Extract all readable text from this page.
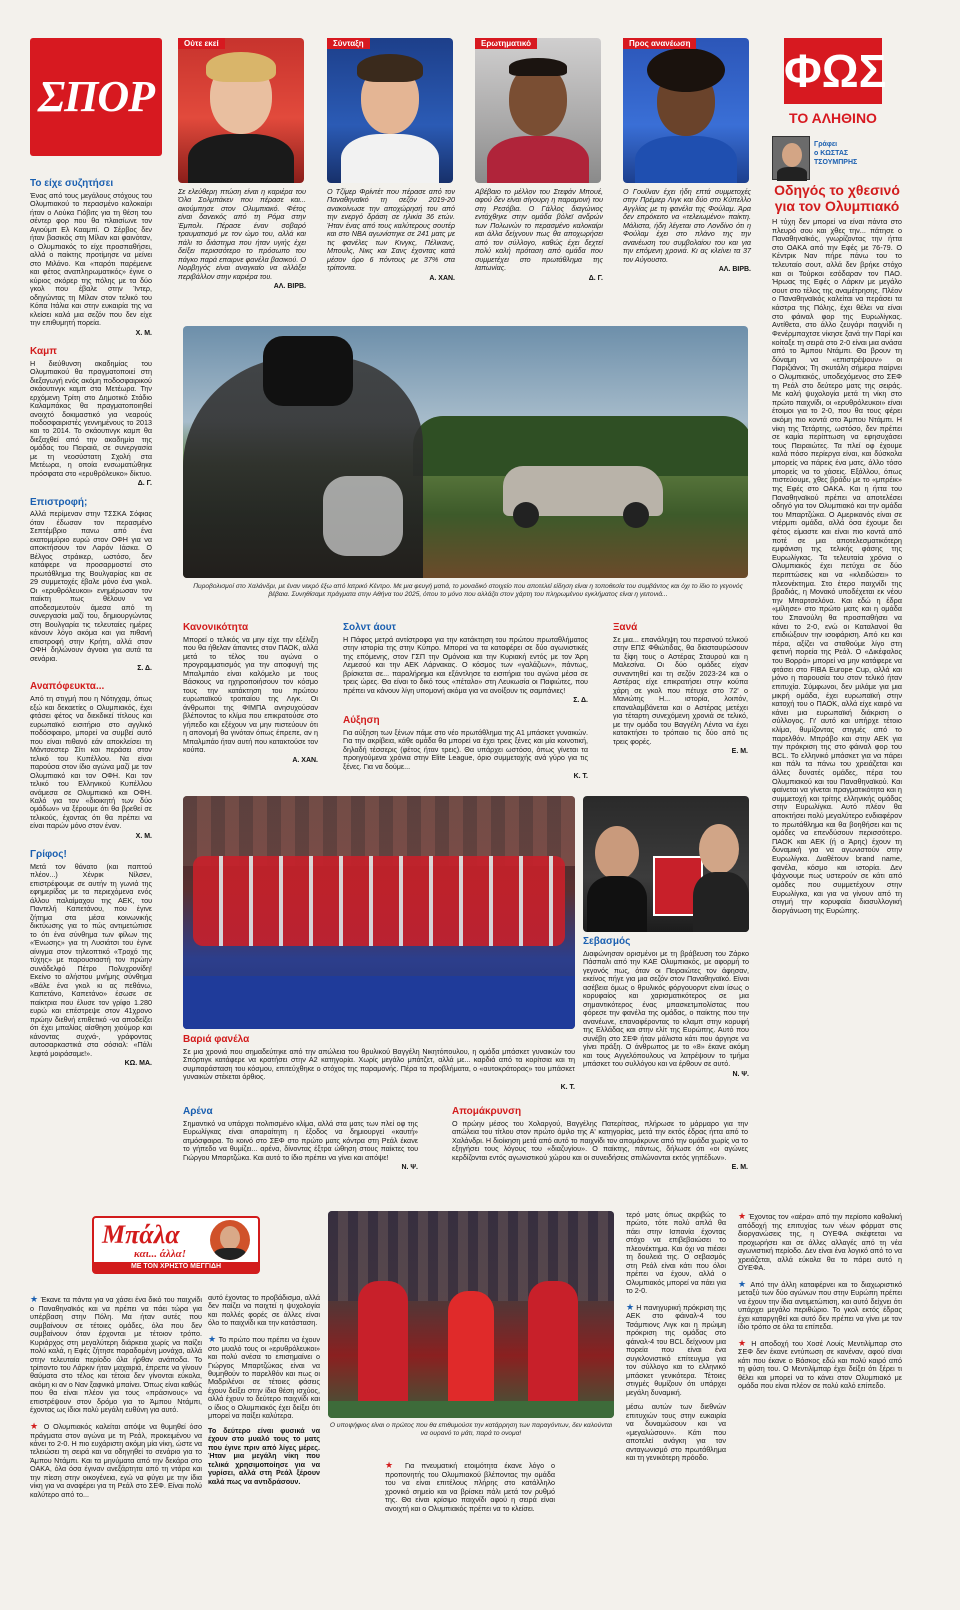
ΣΠΟΡ
Ούτε εκεί	Σύνταξη	Ερωτηματικό	Προς ανανέωση
Σε ελεύθερη πτώση είναι η καριέρα του Όλα Σολμπάκεν που πέρασε και... ακούμπησε στον Ολυμπιακό. Φέτος είναι δανεικός από τη Ρόμα στην Έμπολι. Πέρασε έναν σοβαρό τραυματισμό με τον ώμο του, αλλά και πάλι το διάστημα που ήταν υγιής έχει δείξει περισσότερο το πρόσωπο του πάγκο παρά επαιρνε φανέλα βασικού. Ο Νορβηγός είναι αναγκαίο να αλλάξει περιβάλλον στην καριέρα του.
ΑΛ. ΒΙΡΒ.
Ο Τζίμερ Φρίντέτ που πέρασε από τον Παναθηναϊκό τη σεζόν 2019-20 ανακοίνωσε την αποχώρησή του από την ενεργό δράση σε ηλικία 36 ετών. Ήταν ένας από τους καλύτερους σουτέρ και στο NBA αγωνίστηκε σε 241 ματς με τις φανέλες των Κινγκς, Πέλικανς, Μπουλς, Νικς και Σανς έχοντας κατά μέσον όρο 6 πόντους με 37% στα τρίποντα.
Α. ΧΑΝ.
Αβέβαιο το μέλλον του Στεφάν Μπουέ, αφού δεν είναι σίγουρη η παραμονή του στη Ρεσόβια. Ο Γάλλος διαγώνιος εντάχθηκε στην ομάδα βόλεϊ ανδρών των Πολωνών το περασμένο καλοκαίρι και άλλα δείχνουν πως θα αποχωρήσει από τον σύλλογο, καθώς έχει δεχτεί πολύ καλή πρόταση από ομάδα που συμμετέχει στο πρωτάθλημα της Ιαπωνίας.
Δ. Γ.
Ο Γουίλιαν έχει ήδη επτά συμμετοχές στην Πρέμιερ Λιγκ και δύο στο Κύπελλο Αγγλίας με τη φανέλα της Φούλαμ. Άρα δεν επρόκειτο να «τελειωμένο» παίκτη. Μάλιστα, ήδη λέγεται στο Λονδίνο ότι η Φούλαμ έχει στο πλάνο της την ανανέωση του συμβολαίου του και για την επόμενη χρονιά. Κι ας κλείνει τα 37 τον Αύγουστο.
ΑΛ. ΒΙΡΒ.
ΦΩΣ
ΤΟ ΑΛΗΘΙΝΟ
Γράφει
ο ΚΩΣΤΑΣ
ΤΣΟΥΜΠΡΗΣ
Οδηγός το χθεσινό για τον Ολυμπιακό
Η τύχη δεν μπορεί να είναι πάντα στο πλευρό σου και χθες την... πάτησε ο Παναθηναϊκός, γνωρίζοντας την ήττα στο ΟΑΚΑ από την Εφές με 76-79. Ο Κέντρικ Ναν πήρε πάνω του το τελευταίο σουτ, αλλά δεν βρήκε στόχο και οι Τούρκοι εσόδαραν τον ΠΑΟ. Ήρωας της Εφές ο Λάρκιν με μεγάλο σουτ στο τέλος της αναμέτρησης. Πλέον ο Παναθηναϊκός καλείται να περάσει τα κάστρα της Πόλης, έχει θέλει να είναι στο φάιναλ φορ της Ευρωλίγκας. Αντίθετα, στο άλλο ζευγάρι παιχνίδι η Φενέρμπαχτσε νίκησε ξανά την Παρί και κοίταξε τη σειρά στο 2-0 είναι μια ανάσα από το Άμπου Ντάμπι. Θα βρουν τη δύναμη να «επιστρέψουν» οι Παριζιάνοι; Τη σκυτάλη σήμερα παίρνει ο Ολυμπιακός, υποδεχόμενος στο ΣΕΦ τη Ρεάλ στο δεύτερο ματς της σειράς. Με καλή ψυχολογία μετά τη νίκη στο πρώτο παιχνίδι, οι «ερυθρόλευκοι» είναι έτοιμοι για το 2-0, που θα τους φέρει ακόμη πιο κοντά στο Άμπου Ντάμπι. Η νίκη της Τετάρτης, ωστόσο, δεν πρέπει σε καμία περίπτωση να εφησυχάσει τους Πειραιώτες. Τα πλεί οφ έχουμε καλά πόσο περίεργα είναι, και δύσκολα μπορείς να πάρεις ένα ματς, άλλο τόσο μπορείς να το χάσεις. Εξάλλου, όπως πιστεύουμε, χθες βράδυ με το «μπρέικ» της Εφές στο ΟΑΚΑ. Και η ήττα του Παναθηναϊκού πρέπει να αποτελέσει οδηγό για τον Ολυμπιακό και την ομάδα του Μπαρτζώκα. Ο Αμερικανός είναι σε ντέρμπι ομάδα, αλλά όσα έχουμε δει φέτος είμαστε και είναι πιο κοντά από ποτέ σε μια αποτελεσματικότερη εμφάνιση της τελικής φάσης της Ευρωλίγκας. Τα τελευταία χρόνια ο Ολυμπιακός έχει πετύχει σε δύο περιπτώσεις και να «κλειδώσει» το πλεονέκτημα. Στο έτερο παιχνίδι της βραδιάς, η Μονακό υποδέχεται εκ νέου την Μπαρτσελόνα. Και εδώ η έδρα «μίλησε» στο πρώτο ματς και η ομάδα του Σπανούλη θα προσπαθήσει να κάνει το 2-0, ενώ οι Καταλανοί θα επιδιώξουν την ισοφάριση. Από κει και πέρα, αξίζει να σταθούμε λίγο στη φετινή πορεία της Ρεάλ. Ο «Δικέφαλος του Βορρά» μπορεί να μην κατάφερε να φτάσει στο FIBA Europe Cup, αλλά και μόνο η παρουσία του στον τελικό ήταν επιτυχία. Σύμφωνοι, δεν μιλάμε για μια μικρή ομάδα, έχει ευρωπαϊκή στην κατοχή του ο ΠΑΟΚ, αλλά είχε καιρό να κάνει μια ευρωπαϊκή διάκριση ο σύλλογος. Γι' αυτό και υπήρχε τέτοιο κλίμα, θυμίζοντας στιγμές από το παρελθόν. Μπράβο και στην ΑΕΚ για την πρόκριση της στο φάιναλ φορ του BCL. Το ελληνικό μπάσκετ για να πάρει και πάλι τα πάνω του χρειάζεται και άλλες δυνατές ομάδες, πέρα του Ολυμπιακού και του Παναθηναϊκού. Και φαίνεται να γίνεται πραγματικότητα και η συμμετοχή και τρίτης ελληνικής ομάδας στην Ευρωλίγκα. Αυτό πλέον θα αποκτήσει πολύ μεγαλύτερο ενδιαφέρον το πρωτάθλημα και θα βοηθήσει και τις ομάδες να επενδύσουν περισσότερο. ΠΑΟΚ και ΑΕΚ (ή ο Άρης) έχουν τη δυναμική για να αγωνιστούν στην Ευρωλίγκα. Διαθέτουν brand name, φανέλα, κόσμο και ιστορία. Δεν ψάχνουμε πως υστερούν σε κάτι από ομάδες που συμμετέχουν στην Ευρωλίγκα, και για να γίνουν από τη στιγμή την κορυφαία διασυλλογική διοργάνωση της Ευρώπης.
Το είχε συζητήσει
Ένας από τους μεγάλους στόχους του Ολυμπιακού το περασμένο καλοκαίρι ήταν ο Λούκα Γιόβιτς για τη θέση του σέντερ φορ που θα πλαισίωνε τον Αγιούμπ Ελ Κααμπί. Ο Σέρβος δεν ήταν βασικός στη Μίλαν και φαινόταν, ο Ολυμπιακός το είχε προσπαθήσει, αλλά ο παίκτης προτίμησε να μείνει στο Μιλάνο. Και «παρότι παρέμεινε και φέτος αναπληρωματικός» έγινε ο κύριος σκόρερ της πόλης με τα δύο γκολ που έβαλε στην Ίντερ, οδηγώντας τη Μίλαν στον τελικό του Κόπα Ιτάλια και στην ευκαιρία της να κλείσει καλά μια σεζόν που δεν είχε την επιθυμητή πορεία.
Χ. Μ.
Καμπ
Η διεύθυνση ακαδημίας του Ολυμπιακού θα πραγματοποιεί στη διεξαγωγή ενός ακόμη ποδοσφαιρικού σκάουτινγκ καμπ στα Μετέωρα. Την ερχόμενη Τρίτη στο Δημοτικό Στάδιο Καλαμπάκας θα πραγματοποιηθεί ανοιχτό δοκιμαστικό για νεαρούς ποδοσφαιριστές γεννημένους το 2013 και το 2014. Το σκάουτινγκ καμπ θα διεξαχθεί από την ακαδημία της ομάδας του Πειραιά, σε συνεργασία με τη νεοσύστατη Σχολή στα Μετέωρα, η οποία ενσωματώθηκε πρόσφατα στο «ερυθρόλευκο» δίκτυο.
Δ. Γ.
Επιστροφή;
Αλλά περίμεναν στην ΤΣΣΚΑ Σόφιας όταν έδωσαν τον περασμένο Σεπτέμβριο πανω από ένα εκατομμύριο ευρώ στον ΟΦΗ για να αποκτήσουν τον Λαρόν Ιάσκα. Ο Βέλγος στράικερ, ωστόσο, δεν κατάφερε να προσαρμοστεί στο πρωτάθλημα της Βουλγαρίας και σε 29 συμμετοχές έβαλε μόνο ένα γκολ. Οι «ερυθρόλευκοι» ενημέρωσαν τον παίκτη πως θέλουν να αποδεσμευτούν άμεσα από τη συνεργασία μαζί του, δημιουργώντας στη Βουλγαρία τις τελευταίες ημέρες κάνουν λόγο ακόμα και για πιθανή επιστροφή στην Κρήτη, αλλά στον ΟΦΗ δηλώνουν άγνοια για αυτά τα σενάρια.
Σ. Δ.
Αναπόφευκτα...
Από τη στιγμή που η Νότιγχαμ, όπως εξώ και δεκαετίες ο Ολυμπιακός, έχει φτάσει φέτος να διεκδικεί τίτλους και ευρωπαϊκό εισιτήριο στο αγγλικό ποδόσφαιρο, μπορεί να συμβεί αυτό που είναι πιθανό εάν αποκλείσει τη Μάντσεστερ Σίτι και περάσει στον τελικό του Κυπέλλου. Να είναι παρούσα στον ίδιο αγώνα μαζί με τον Ολυμπιακό και τον ΟΦΗ. Και τον τελικό του Ελληνικού Κυπέλλου ανάμεσα σε Ολυμπιακό και ΟΦΗ. Καλό για τον «διοικητή των δύο ομάδων» να ξέρουμε ότι θα βρεθεί σε τελικούς, έχοντας ότι θα πρέπει να είναι παρών μόνο στον έναν.
Χ. Μ.
Γρίφος!
Μετά τον θάνατο (και παπτού πλέον...) Χένρικ Νίλσεν, επιστρέφουμε σε αυτήν τη γωνιά της εφημερίδας με τα περιεχόμενα ενός άλλου παλαίμαχου της ΑΕΚ, του Παντελή Καπετάνου, που έγινε ζήτημα στα μέσα κοινωνικής δικτύωσης για το πώς αντιμετώπισε το ότι ένα σύνθημα των φίλων της «Ένωσης» για τη Λυσιάτσι του έγινε αίνιγμα στον τηλεοπτικό «Τροχό της τύχης» με παρουσιαστή τον πρώην συνάδελφό Πέτρο Πολυχρονίδη! Εκείνο το αλήστου μνήμης σύνθημα «Βάλε ένα γκολ κι ας πεθάνω, Καπετάνο, Καπετάνο» έσωσε σε παίκτρια που έλυσε τον γρίφο 1.280 ευρώ και επέστρεψε στον 41χρονο πρώην διεθνή επιθετικό -να αποδείξει ότι έχει μπαλίας αίσθηση χιούμορ και κάνοντας συχνά-, γράφοντας αυτοσαρκαστικά στα σόσιαλ: «Πάλι λεφτά μοιράσαμε!».
ΚΩ. ΜΑ.
Πυροβολισμοί στο Χαλάνδρι, με έναν νεκρό έξω από Ιατρικό Κέντρο. Με μια φευγή ματιά, το μοναδικό στοιχείο που αποτελεί είδηση είναι η τοποθεσία του συμβάντος και όχι το ίδιο το γεγονός βέβαια. Συνηθίσαμε πράγματα στην Αθήνα του 2025, όπου το μόνο που αλλάζει στον χάρτη του πληρωμένου εγκλήματος είναι η γειτονιά...
Κανονικότητα
Μπορεί ο τελικός να μην είχε την εξέλιξη που θα ήθελαν άπαντες στον ΠΑΟΚ, αλλά μετά το τέλος του αγώνα ο προγραμματισμός για την αποφυγή της Μπαλμπάο είναι καλόμελο με τους Βάσκους να ηχηροποιήσουν τον κόσμο τους την κατάκτηση του πρώτου ευρωπαϊκού τροπαίου της Λιγκ. Οι άνθρωποι της ΦΙΜΠΑ ανησυχούσαν βλέποντας το κλίμα που επικρατούσε στο γήπεδο και εξέχουν να μην πιστεύουν ότι η απονομή θα γινόταν όπως έπρεπε, αν η Μπαλμπάο ήταν αυτή που κατακτούσε τον κούπα.
Α. ΧΑΝ.
Σολντ άουτ
Η Πάφος μετρά αντίστροφα για την κατάκτηση του πρώτου πρωταθλήματος στην ιστορία της στην Κύπρο. Μπορεί να τα καταφέρει σε δύο αγωνιστικές της επόμενης, στον ΓΣΠ την Ομόνοια και την Κυριακή εντός με τον Άρη Λεμεσού και την ΑΕΚ Λάρνακας. Ο κόσμος των «γαλάζιων», πάντως, βρίσκεται σε... παραλήρημα και εξάντλησε τα εισιτήρια του αγώνα μέσα σε τρεις ώρες. Θα είναι το δικό τους «πέταλο» στη Λευκωσία οι Παφιώτες, που πρέπει να κάνουν λίγη υπομονή ακόμα για να ανοίξουν τις σαμπάνιες!
Σ. Δ.
Αύξηση
Για αύξηση των ξένων πάμε στο νέο πρωτάθλημα της Α1 μπάσκετ γυναικών. Για την ακρίβεια, κάθε ομάδα θα μπορεί να έχει τρεις ξένες και μία κοινοτική, δηλαδή τέσσερις (φέτος ήταν τρεις). Θα υπάρχει ωστόσο, όπως γίνεται τα προηγούμενα χρόνια στην Elite League, όριο συμμετοχής ανά γύρο για τις ξένες. Για να δούμε...
Κ. Τ.
Ξανά
Σε μια... επανάληψη του περσινού τελικού στην ΕΠΣ Φθιώτιδας, θα διασταυρώσουν τα ξίφη τους ο Αστέρας Σταυρού και η Μαλεσίνα. Οι δύο ομάδες είχαν συναντηθεί και τη σεζόν 2023-24 και ο Αστέρας είχε επικρατήσει στην κούπα χάρη σε γκολ που πέτυχε στο 72' ο Μανιώτης Η... ιστορία, λοιπόν, επαναλαμβάνεται και ο Αστέρας μετέχει για τέταρτη συνεχόμενη χρονιά σε τελικό, με την ομάδα του Βαγγέλη Λέντα να έχει κατακτήσει το τρόπαιο τις δύο από τις τρεις φορές.
Ε. Μ.
Βαριά φανέλα
Σε μια χρονιά που σημαδεύτηκε από την απώλεια του θρυλικού Βαγγέλη Νικητόπουλου, η ομάδα μπάσκετ γυναικών του Σπόρτιγκ κατάφερε να κρατήσει στην Α2 κατηγορία. Χωρίς μεγάλο μπάτζετ, αλλά με... καρδιά από τα κορίτσια και τη συμπαράσταση του κόσμου, επιτεύχθηκε ο στόχος της παραμονής. Πέρα τα προβλήματα, ο «αυτοκράτορας» του μπάσκετ γυναικών στέκεται όρθιος.
Κ. Τ.
Σεβασμός
Διαφώνησαν ορισμένοι με τη βράβευση του Ζάρκο Πάσπαλι από την ΚΑΕ Ολυμπιακός, με αφορμή το γεγονός πως, όταν οι Πειραιώτες τον άφησαν, εκείνος πήγε για μια σεζόν στον Παναθηναϊκό. Είναι ασέβεια όμως ο θρυλικός φόργουορντ είναι ίσως ο κορυφαίος και χαρισματικότερος σε μια σημαντικότερος ένας μπασκετμπολίστας που φόρεσε την φανέλα της ομάδας, ο παίκτης που την ανανέωνε, επαναφέροντας το κλαμπ στην κορυφή της Ελλάδας και στην ελίτ της Ευρώπης. Αυτό που συνέβη στο ΣΕΦ ήταν μάλιστα κάτι που άργησε να γίνει πράξη. Ο άνθρωπος με το «8» έκανε ακόμη και τους Αγγελόπουλους να λατρέψουν το τμήμα μπάσκετ του συλλόγου και να έρθουν σε αυτό.
Ν. Ψ.
Αρένα
Σημαντικό να υπάρχει πολιτισμένο κλίμα, αλλά στα ματς των πλεί οφ της Ευρωλίγκας είναι απαραίτητη η έξοδος να δημιουργεί «καυτή» ατμόσφαιρα. Το κοινό στο ΣΕΦ στο πρώτο ματς κόντρα στη Ρεάλ έκανε το γήπεδο να θυμίζει... αρένα, δίνοντας έξτρα ώθηση στους παίκτες του Γιώργου Μπαρτζώκα. Και αυτό το ίδιο πρέπει να γίνει και απόψε!
Ν. Ψ.
Απομάκρυνση
Ο πρώην μέσος του Χολαργού, Βαγγέλης Πατερίτσας, πλήρωσε το μάρμαρο για την απώλεια του τίτλου στον πρώτο όμιλο της Α' κατηγορίας, μετά την εκτός έδρας ήττα από το Χαλάνδρι. Η διοίκηση μετά από αυτό το παιχνίδι τον απομάκρυνε από την ομάδα χωρίς να το εξηγήσει τους λόγους του «διαζυγίου». Ο παίκτης, πάντως, δήλωσε ότι «οι αγώνες κερδίζονται εντός αγωνιστικού χώρου και οι συνειδήσεις σπιλώνονται εκτός γηπέδων».
Ε. Μ.
Μπάλα
και... άλλα!
ΜΕ ΤΟΝ ΧΡΗΣΤΟ ΜΕΓΓΙΔΗ
★ Έκανε τα πάντα για να χάσει ένα δικό του παιχνίδι ο Παναθηναϊκός και να πρέπει να πάει τώρα για υπέρβαση στην Πόλη. Μα ήταν αυτές που συμβαίνουν σε τέτοιες ομάδες, όλα που δεν συμβαίνουν όταν έρχονται με τέτοιον τρόπο. Κυριάρχος στη μεγαλύτερη διάρκεια χωρίς να παίζει πολύ καλά, η Εφές ζήτησε παραδομένη μονάχα, αλλά στην τελευταία περίοδο όλα ήρθαν ανάποδα. Το τρίποντο του Λάρκιν ήταν μαχαιριά, έπρεπε να γίνουν θαύματα στο τέλος και τέτοια δεν γίνονται εύκολα, ακόμη κι αν ο Ναν ξαφνικά μπαίνει. Όπως είναι καθώς που θα είναι πλέον για τους «πράσινους» να επιστρέψουν στον δρόμο για το Άμπου Ντάμπι, έχοντας ως ίδιοι πολύ μεγάλη ευθύνη για αυτό.
★ Ο Ολυμπιακός καλείται απόψε να θυμηθεί όσο πράγματα στον αγώνα με τη Ρεάλ, προκειμένου να κάνει το 2-0. Η πιο ευχάριστη ακόμη μία νίκη, ώστε να τελειώσει τη σειρά και να οδηγηθεί το σενάριο για το Άμπου Ντάμπι. Και τα μηνύματα από την δεκάρα στο ΟΑΚΑ, όλα όσα έγιναν ανεξάρτητα από τη ντάρα και την πίεση στην οικογένεια, εγώ να φύγει με την ίδια νίκη για να αναφέρει για τη Ρεάλ στο ΣΕΦ. Είναι πολύ καλύτερο από το...
αυτό έχοντας το προβάδισμα, αλλά δεν παίζει να παιχτεί η ψυχολογία και πολλές φορές σε άλλες είναι όλο το παιχνίδι και την κατάσταση.
★ Το πρώτο που πρέπει να έχουν στο μυαλό τους οι «ερυθρόλευκοι» και πολύ ανέσα το επισημαίνει ο Γιώργος Μπαρτζώκας είναι να θυμηθούν το παρελθόν και πως οι Μαδριλένοι σε τέτοιες φάσεις έχουν δείξει στην ίδια θέση ισχύος, αλλά έχουν το δεύτερο παιχνίδι και ο ίδιος ο Ολυμπιακός έχει δείξει ότι μπορεί να παίξει καλύτερα.
Το δεύτερο είναι φυσικά να έχουν στο μυαλό τους το ματς που έγινε πριν από λίγες μέρες. Ήταν μια μεγάλη νίκη που τελικά χρησιμοποίησε για να γυρίσει, αλλά στη Ρεάλ ξέρουν καλά πως να αντιδράσουν.
Ο υποψήφιος είναι ο πρώτος που θα επιθυμούσε την κατάρρηση των παραγόντων, δεν καλούνται να ουρανό το μάτι, παρά το ονομα!
★ Για πνευματική ετοιμότητα έκανε λόγο ο προπονητής του Ολυμπιακού βλέποντας την ομάδα του να είναι επιτέλους πλήρης στο κατάλληλο χρονικό σημείο και να βρίσκει πάλι μετά τον ρυθμό της. Θα είναι κρίσιμο παιχνίδι αφού η σειρά είναι ανοιχτή και ο Ολυμπιακός πρέπει να το κλείσει.
τερό ματς όπως ακριβώς το πρώτο, τότε πολύ απλά θα πάει στην Ισπανία έχοντας στόχο να επιβεβαιώσει το πλεονέκτημα. Και όχι να πιέσει τη δουλειά της. Ο σεβασμός στη Ρεάλ είναι κάτι που όλοι πρέπει να έχουν, αλλά ο Ολυμπιακός μπορεί να πάει για το 2-0.
★ Η πανηγυρική πρόκριση της ΑΕΚ στο φάιναλ-4 του Τσάμπιονς Λιγκ και η πρώιμη πρόκριση της ομάδας στο φάιναλ-4 του BCL δείχνουν μια πορεία που είναι ένα συγκλονιστικό επίτευγμα για τον σύλλογο και το ελληνικό μπάσκετ γενικότερα. Τέτοιες στιγμές θυμίζουν ότι υπάρχει μεγάλη δυναμική.
μέσω αυτών των διεθνών επιτυχιών τους στην ευκαιρία να δυναμώσουν και να «μεγαλώσουν». Κάτι που αποτελεί ανάγκη για τον ανταγωνισμό στο πρωτάθλημα και τη γενικότερη πρόοδο.
★ Έχοντας τον «αέρα» από την περίοπο καθολική απόδοχή της επιτυχίας των νέων φόρματ στις διοργανώσεις της, η ΟΥΕΦΑ σκέφτεται να προχωρήσει και σε άλλες αλλαγές από τη νέα αγωνιστική περίοδο. Δεν είναι ένα λογικό από το να χρειάζεται, αλλά εύκολα θα το πάρει αυτό η ΟΥΕΦΑ.
★ Από την άλλη καταφέρνει και το διαχωριστικό μεταξύ των δύο αγώνων που στην Ευρώπη πρέπει να έχουν την ίδια αντιμετώπιση, και αυτό δείχνει ότι υπάρχει μεγάλο περιθώριο. Το γκολ εκτός έδρας έχει καταργηθεί και αυτό δεν πρέπει να γίνει με τον ίδιο τρόπο σε όλα τα επίπεδα.
★ Η αποδοχή του Χοσέ Λουίς Μεντιλίμπαρ στο ΣΕΦ δεν έκανε εντύπωση σε κανέναν, αφού είναι κάτι που έκανε ο Βάσκος εδώ και πολύ καιρό από τη φύση του. Ο Μεντιλίμπαρ έχει δείξει ότι ξέρει τι θέλει και μπορεί να το κάνει στον Ολυμπιακό με ομάδα που είναι πλέον σε πολύ καλό επίπεδο.
